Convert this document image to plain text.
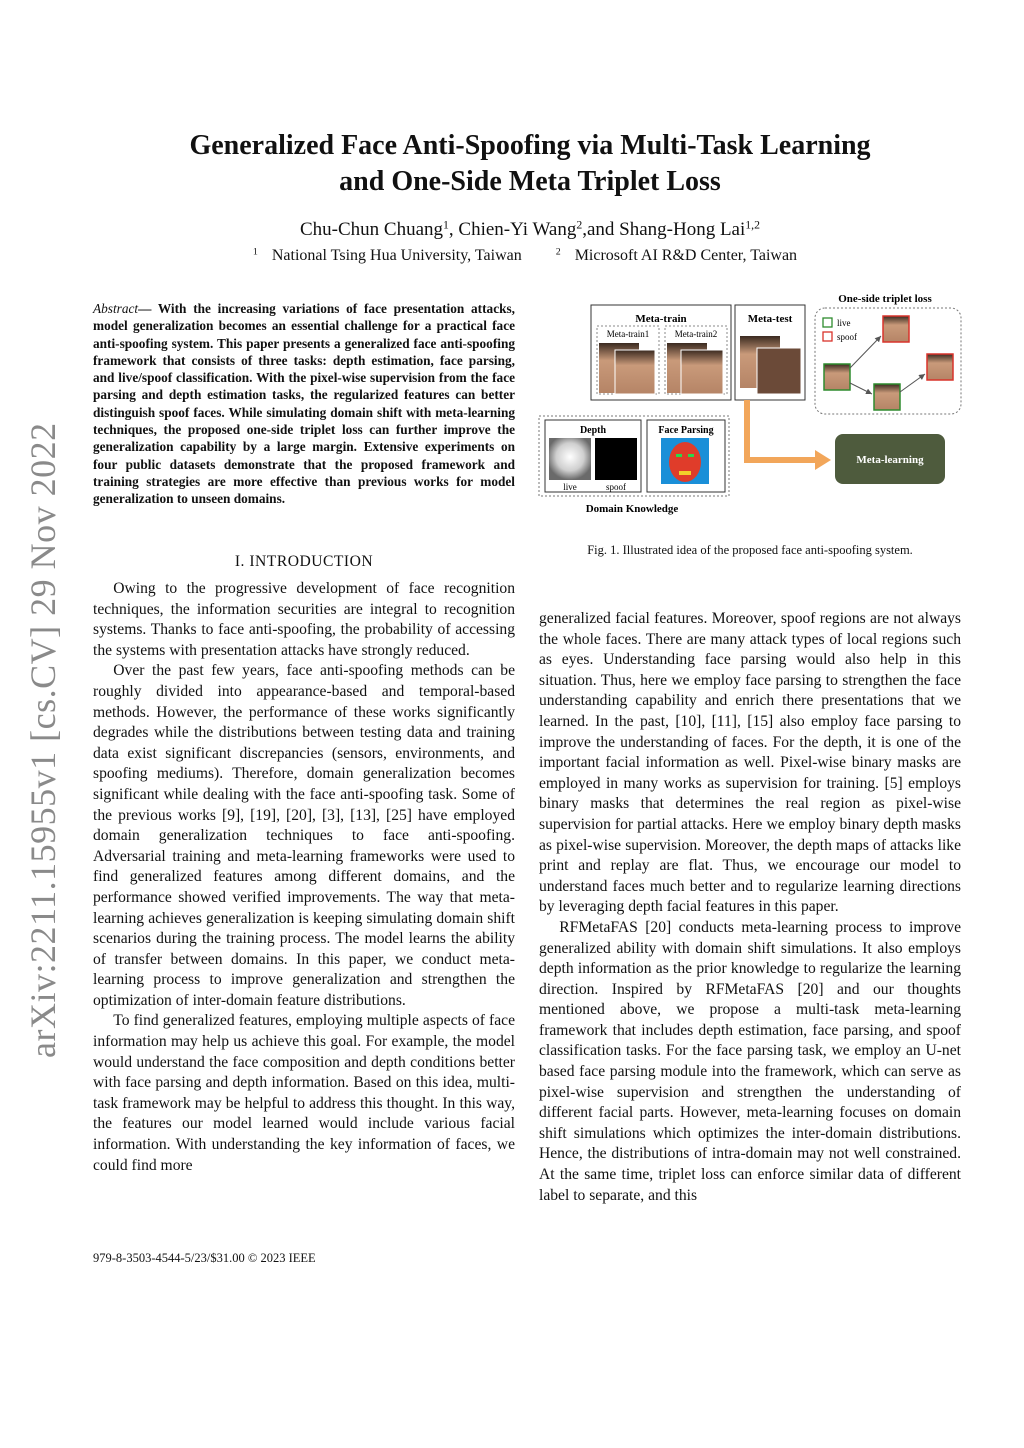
arXiv:2211.15955v1 [cs.CV] 29 Nov 2022
Generalized Face Anti-Spoofing via Multi-Task Learning
and One-Side Meta Triplet Loss
Chu-Chun Chuang$^1$, Chien-Yi Wang$^2$,and Shang-Hong Lai$^{1,2}$
$^1$ National Tsing Hua University, Taiwan	$^2$ Microsoft AI R&D Center, Taiwan
Abstract— With the increasing variations of face presentation attacks, model generalization becomes an essential challenge for a practical face anti-spoofing system. This paper presents a generalized face anti-spoofing framework that consists of three tasks: depth estimation, face parsing, and live/spoof classification. With the pixel-wise supervision from the face parsing and depth estimation tasks, the regularized features can better distinguish spoof faces. While simulating domain shift with meta-learning techniques, the proposed one-side triplet loss can further improve the generalization capability by a large margin. Extensive experiments on four public datasets demonstrate that the proposed framework and training strategies are more effective than previous works for model generalization to unseen domains.
I. INTRODUCTION

Owing to the progressive development of face recognition techniques, the information securities are integral to recognition systems. Thanks to face anti-spoofing, the probability of accessing the systems with presentation attacks have strongly reduced.

Over the past few years, face anti-spoofing methods can be roughly divided into appearance-based and temporal-based methods. However, the performance of these works significantly degrades while the distributions between testing data and training data exist significant discrepancies (sensors, environments, and spoofing mediums). Therefore, domain generalization becomes significant while dealing with the face anti-spoofing task. Some of the previous works [9], [19], [20], [3], [13], [25] have employed domain generalization techniques to face anti-spoofing. Adversarial training and meta-learning frameworks were used to find generalized features among different domains, and the performance showed verified improvements. The way that meta-learning achieves generalization is keeping simulating domain shift scenarios during the training process. The model learns the ability of transfer between domains. In this paper, we conduct meta-learning process to improve generalization and strengthen the optimization of inter-domain feature distributions.

To find generalized features, employing multiple aspects of face information may help us achieve this goal. For example, the model would understand the face composition and depth conditions better with face parsing and depth information. Based on this idea, multi-task framework may be helpful to address this thought. In this way, the features our model learned would include various facial information. With understanding the key information of faces, we could find more

979-8-3503-4544-5/23/$31.00 © 2023 IEEE
Meta-train
Meta-train1	Meta-train2
Meta-test
One-side triplet loss
live
spoof
Depth
live	spoof
Face Parsing
Domain Knowledge
Meta-learning
Fig. 1. Illustrated idea of the proposed face anti-spoofing system.

generalized facial features. Moreover, spoof regions are not always the whole faces. There are many attack types of local regions such as eyes. Understanding face parsing would also help in this situation. Thus, here we employ face parsing to strengthen the face understanding capability and enrich there presentations that we learned. In the past, [10], [11], [15] also employ face parsing to improve the understanding of faces. For the depth, it is one of the important facial information as well. Pixel-wise binary masks are employed in many works as supervision for training. [5] employs binary masks that determines the real region as pixel-wise supervision for partial attacks. Here we employ binary depth masks as pixel-wise supervision. Moreover, the depth maps of attacks like print and replay are flat. Thus, we encourage our model to understand faces much better and to regularize learning directions by leveraging depth facial features in this paper.

RFMetaFAS [20] conducts meta-learning process to improve generalized ability with domain shift simulations. It also employs depth information as the prior knowledge to regularize the learning direction. Inspired by RFMetaFAS [20] and our thoughts mentioned above, we propose a multi-task meta-learning framework that includes depth estimation, face parsing, and spoof classification tasks. For the face parsing task, we employ an U-net based face parsing module into the framework, which can serve as pixel-wise supervision and strengthen the understanding of different facial parts. However, meta-learning focuses on domain shift simulations which optimizes the inter-domain distributions. Hence, the distributions of intra-domain may not well constrained. At the same time, triplet loss can enforce similar data of different label to separate, and this
